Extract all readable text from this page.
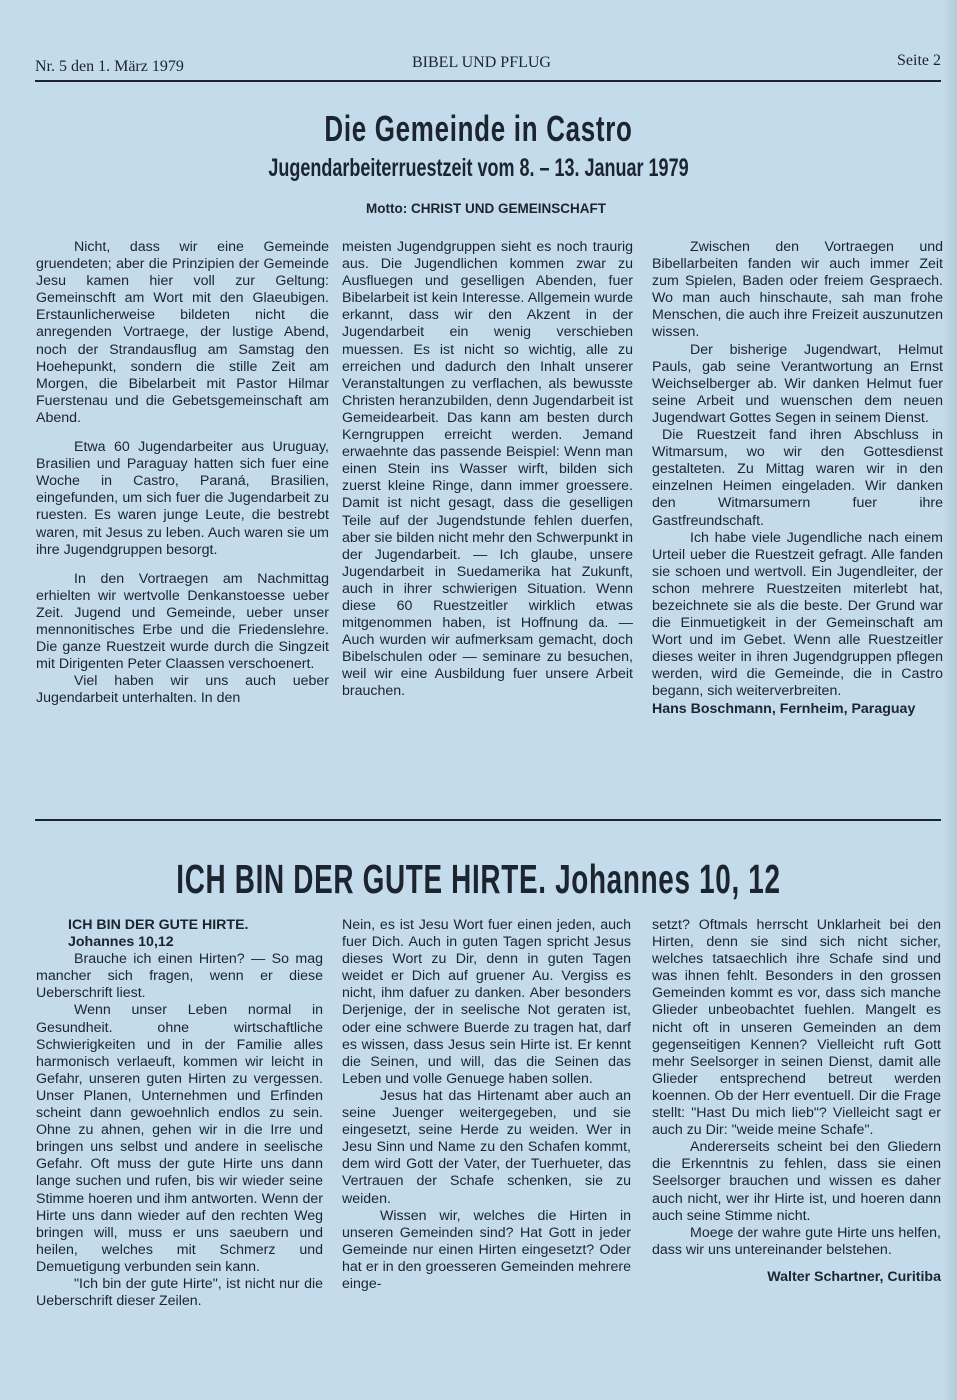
Nr. 5 den 1. März 1979	BIBEL UND PFLUG	Seite 2
Die Gemeinde in Castro
Jugendarbeiterruestzeit vom 8. – 13. Januar 1979
Motto: CHRIST UND GEMEINSCHAFT

Nicht, dass wir eine Gemeinde gruendeten; aber die Prinzipien der Gemeinde Jesu kamen hier voll zur Geltung: Gemeinschft am Wort mit den Glaeubigen. Erstaunlicherweise bildeten nicht die anregenden Vortraege, der lustige Abend, noch der Strandausflug am Samstag den Hoehepunkt, sondern die stille Zeit am Morgen, die Bibelarbeit mit Pastor Hilmar Fuerstenau und die Gebetsgemeinschaft am Abend.

Etwa 60 Jugendarbeiter aus Uruguay, Brasilien und Paraguay hatten sich fuer eine Woche in Castro, Paraná, Brasilien, eingefunden, um sich fuer die Jugendarbeit zu ruesten. Es waren junge Leute, die bestrebt waren, mit Jesus zu leben. Auch waren sie um ihre Jugendgruppen besorgt.

In den Vortraegen am Nachmittag erhielten wir wertvolle Denkanstoesse ueber Zeit. Jugend und Gemeinde, ueber unser mennonitisches Erbe und die Friedenslehre. Die ganze Ruestzeit wurde durch die Singzeit mit Dirigenten Peter Claassen verschoenert.

Viel haben wir uns auch ueber Jugendarbeit unterhalten. In den

meisten Jugendgruppen sieht es noch traurig aus. Die Jugendlichen kommen zwar zu Ausfluegen und geselligen Abenden, fuer Bibelarbeit ist kein Interesse. Allgemein wurde erkannt, dass wir den Akzent in der Jugendarbeit ein wenig verschieben muessen. Es ist nicht so wichtig, alle zu erreichen und dadurch den Inhalt unserer Veranstaltungen zu verflachen, als bewusste Christen heranzubilden, denn Jugendarbeit ist Gemeidearbeit. Das kann am besten durch Kerngruppen erreicht werden. Jemand erwaehnte das passende Beispiel: Wenn man einen Stein ins Wasser wirft, bilden sich zuerst kleine Ringe, dann immer groessere. Damit ist nicht gesagt, dass die geselligen Teile auf der Jugendstunde fehlen duerfen, aber sie bilden nicht mehr den Schwerpunkt in der Jugendarbeit. — Ich glaube, unsere Jugendarbeit in Suedamerika hat Zukunft, auch in ihrer schwierigen Situation. Wenn diese 60 Ruestzeitler wirklich etwas mitgenommen haben, ist Hoffnung da. — Auch wurden wir aufmerksam gemacht, doch Bibelschulen oder — seminare zu besuchen, weil wir eine Ausbildung fuer unsere Arbeit brauchen.

Zwischen den Vortraegen und Bibellarbeiten fanden wir auch immer Zeit zum Spielen, Baden oder freiem Gespraech. Wo man auch hinschaute, sah man frohe Menschen, die auch ihre Freizeit auszunutzen wissen.

Der bisherige Jugendwart, Helmut Pauls, gab seine Verantwortung an Ernst Weichselberger ab. Wir danken Helmut fuer seine Arbeit und wuenschen dem neuen Jugendwart Gottes Segen in seinem Dienst.

Die Ruestzeit fand ihren Abschluss in Witmarsum, wo wir den Gottesdienst gestalteten. Zu Mittag waren wir in den einzelnen Heimen eingeladen. Wir danken den Witmarsumern fuer ihre Gastfreundschaft.

Ich habe viele Jugendliche nach einem Urteil ueber die Ruestzeit gefragt. Alle fanden sie schoen und wertvoll. Ein Jugendleiter, der schon mehrere Ruestzeiten miterlebt hat, bezeichnete sie als die beste. Der Grund war die Einmuetigkeit in der Gemeinschaft am Wort und im Gebet. Wenn alle Ruestzeitler dieses weiter in ihren Jugendgruppen pflegen werden, wird die Gemeinde, die in Castro begann, sich weiterverbreiten.

Hans Boschmann, Fernheim, Paraguay

ICH BIN DER GUTE HIRTE. Johannes 10, 12

ICH BIN DER GUTE HIRTE.

Johannes 10,12

Brauche ich einen Hirten? — So mag mancher sich fragen, wenn er diese Ueberschrift liest.

Wenn unser Leben normal in Gesundheit. ohne wirtschaftliche Schwierigkeiten und in der Familie alles harmonisch verlaeuft, kommen wir leicht in Gefahr, unseren guten Hirten zu vergessen. Unser Planen, Unternehmen und Erfinden scheint dann gewoehnlich endlos zu sein. Ohne zu ahnen, gehen wir in die Irre und bringen uns selbst und andere in seelische Gefahr. Oft muss der gute Hirte uns dann lange suchen und rufen, bis wir wieder seine Stimme hoeren und ihm antworten. Wenn der Hirte uns dann wieder auf den rechten Weg bringen will, muss er uns saeubern und heilen, welches mit Schmerz und Demuetigung verbunden sein kann.

"Ich bin der gute Hirte", ist nicht nur die Ueberschrift dieser Zeilen.

Nein, es ist Jesu Wort fuer einen jeden, auch fuer Dich. Auch in guten Tagen spricht Jesus dieses Wort zu Dir, denn in guten Tagen weidet er Dich auf gruener Au. Vergiss es nicht, ihm dafuer zu danken. Aber besonders Derjenige, der in seelische Not geraten ist, oder eine schwere Buerde zu tragen hat, darf es wissen, dass Jesus sein Hirte ist. Er kennt die Seinen, und will, das die Seinen das Leben und volle Genuege haben sollen.

Jesus hat das Hirtenamt aber auch an seine Juenger weitergegeben, und sie eingesetzt, seine Herde zu weiden. Wer in Jesu Sinn und Name zu den Schafen kommt, dem wird Gott der Vater, der Tuerhueter, das Vertrauen der Schafe schenken, sie zu weiden.

Wissen wir, welches die Hirten in unseren Gemeinden sind? Hat Gott in jeder Gemeinde nur einen Hirten eingesetzt? Oder hat er in den groesseren Gemeinden mehrere einge-

setzt? Oftmals herrscht Unklarheit bei den Hirten, denn sie sind sich nicht sicher, welches tatsaechlich ihre Schafe sind und was ihnen fehlt. Besonders in den grossen Gemeinden kommt es vor, dass sich manche Glieder unbeobachtet fuehlen. Mangelt es nicht oft in unseren Gemeinden an dem gegenseitigen Kennen? Vielleicht ruft Gott mehr Seelsorger in seinen Dienst, damit alle Glieder entsprechend betreut werden koennen. Ob der Herr eventuell. Dir die Frage stellt: "Hast Du mich lieb"? Vielleicht sagt er auch zu Dir: "weide meine Schafe".

Andererseits scheint bei den Gliedern die Erkenntnis zu fehlen, dass sie einen Seelsorger brauchen und wissen es daher auch nicht, wer ihr Hirte ist, und hoeren dann auch seine Stimme nicht.

Moege der wahre gute Hirte uns helfen, dass wir uns untereinander belstehen.

Walter Schartner, Curitiba
